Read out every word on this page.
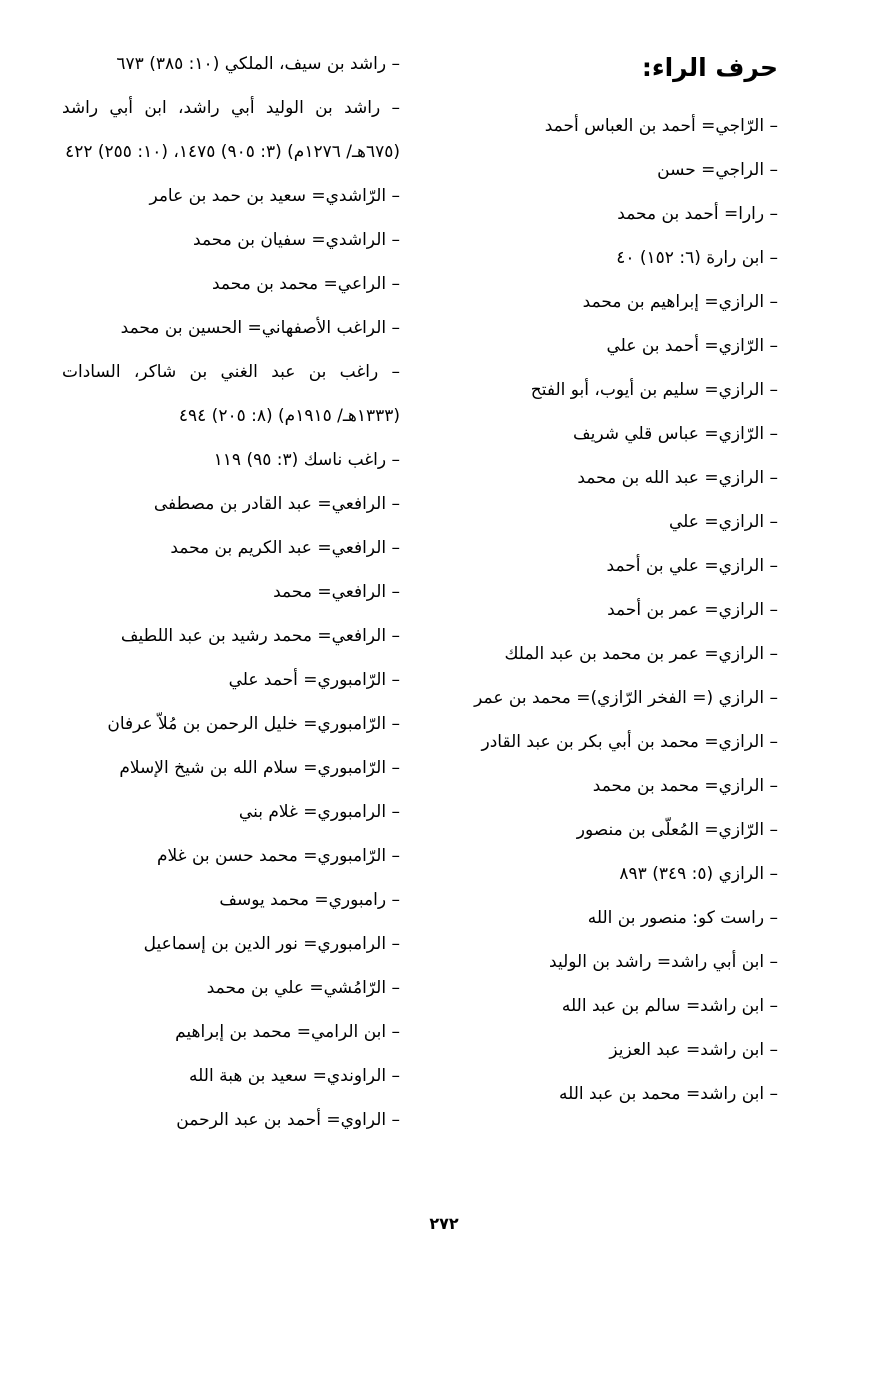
حرف الراء:
– الرّاجي= أحمد بن العباس أحمد
– الراجي= حسن
– رارا= أحمد بن محمد
– ابن رارة (٦: ١٥٢) ٤٠
– الرازي= إبراهيم بن محمد
– الرّازي= أحمد بن علي
– الرازي= سليم بن أيوب، أبو الفتح
– الرّازي= عباس قلي شريف
– الرازي= عبد الله بن محمد
– الرازي= علي
– الرازي= علي بن أحمد
– الرازي= عمر بن أحمد
– الرازي= عمر بن محمد بن عبد الملك
– الرازي (= الفخر الرّازي)= محمد بن عمر
– الرازي= محمد بن أبي بكر بن عبد القادر
– الرازي= محمد بن محمد
– الرّازي= المُعلّى بن منصور
– الرازي (٥: ٣٤٩) ٨٩٣
– راست كو: منصور بن الله
– ابن أبي راشد= راشد بن الوليد
– ابن راشد= سالم بن عبد الله
– ابن راشد= عبد العزيز
– ابن راشد= محمد بن عبد الله
– راشد بن سيف، الملكي (١٠: ٣٨٥) ٦٧٣
– راشد بن الوليد أبي راشد، ابن أبي راشد (٦٧٥هـ/ ١٢٧٦م) (٣: ٩٠٥) ١٤٧٥، (١٠: ٢٥٥) ٤٢٢
– الرّاشدي= سعيد بن حمد بن عامر
– الراشدي= سفيان بن محمد
– الراعي= محمد بن محمد
– الراغب الأصفهاني= الحسين بن محمد
– راغب بن عبد الغني بن شاكر، السادات (١٣٣٣هـ/ ١٩١٥م) (٨: ٢٠٥) ٤٩٤
– راغب ناسك (٣: ٩٥) ١١٩
– الرافعي= عبد القادر بن مصطفى
– الرافعي= عبد الكريم بن محمد
– الرافعي= محمد
– الرافعي= محمد رشيد بن عبد اللطيف
– الرّامبوري= أحمد علي
– الرّامبوري= خليل الرحمن بن مُلاّ عرفان
– الرّامبوري= سلام الله بن شيخ الإسلام
– الرامبوري= غلام بني
– الرّامبوري= محمد حسن بن غلام
– رامبوري= محمد يوسف
– الرامبوري= نور الدين بن إسماعيل
– الرّامُشي= علي بن محمد
– ابن الرامي= محمد بن إبراهيم
– الراوندي= سعيد بن هبة الله
– الراوي= أحمد بن عبد الرحمن
٢٧٢
